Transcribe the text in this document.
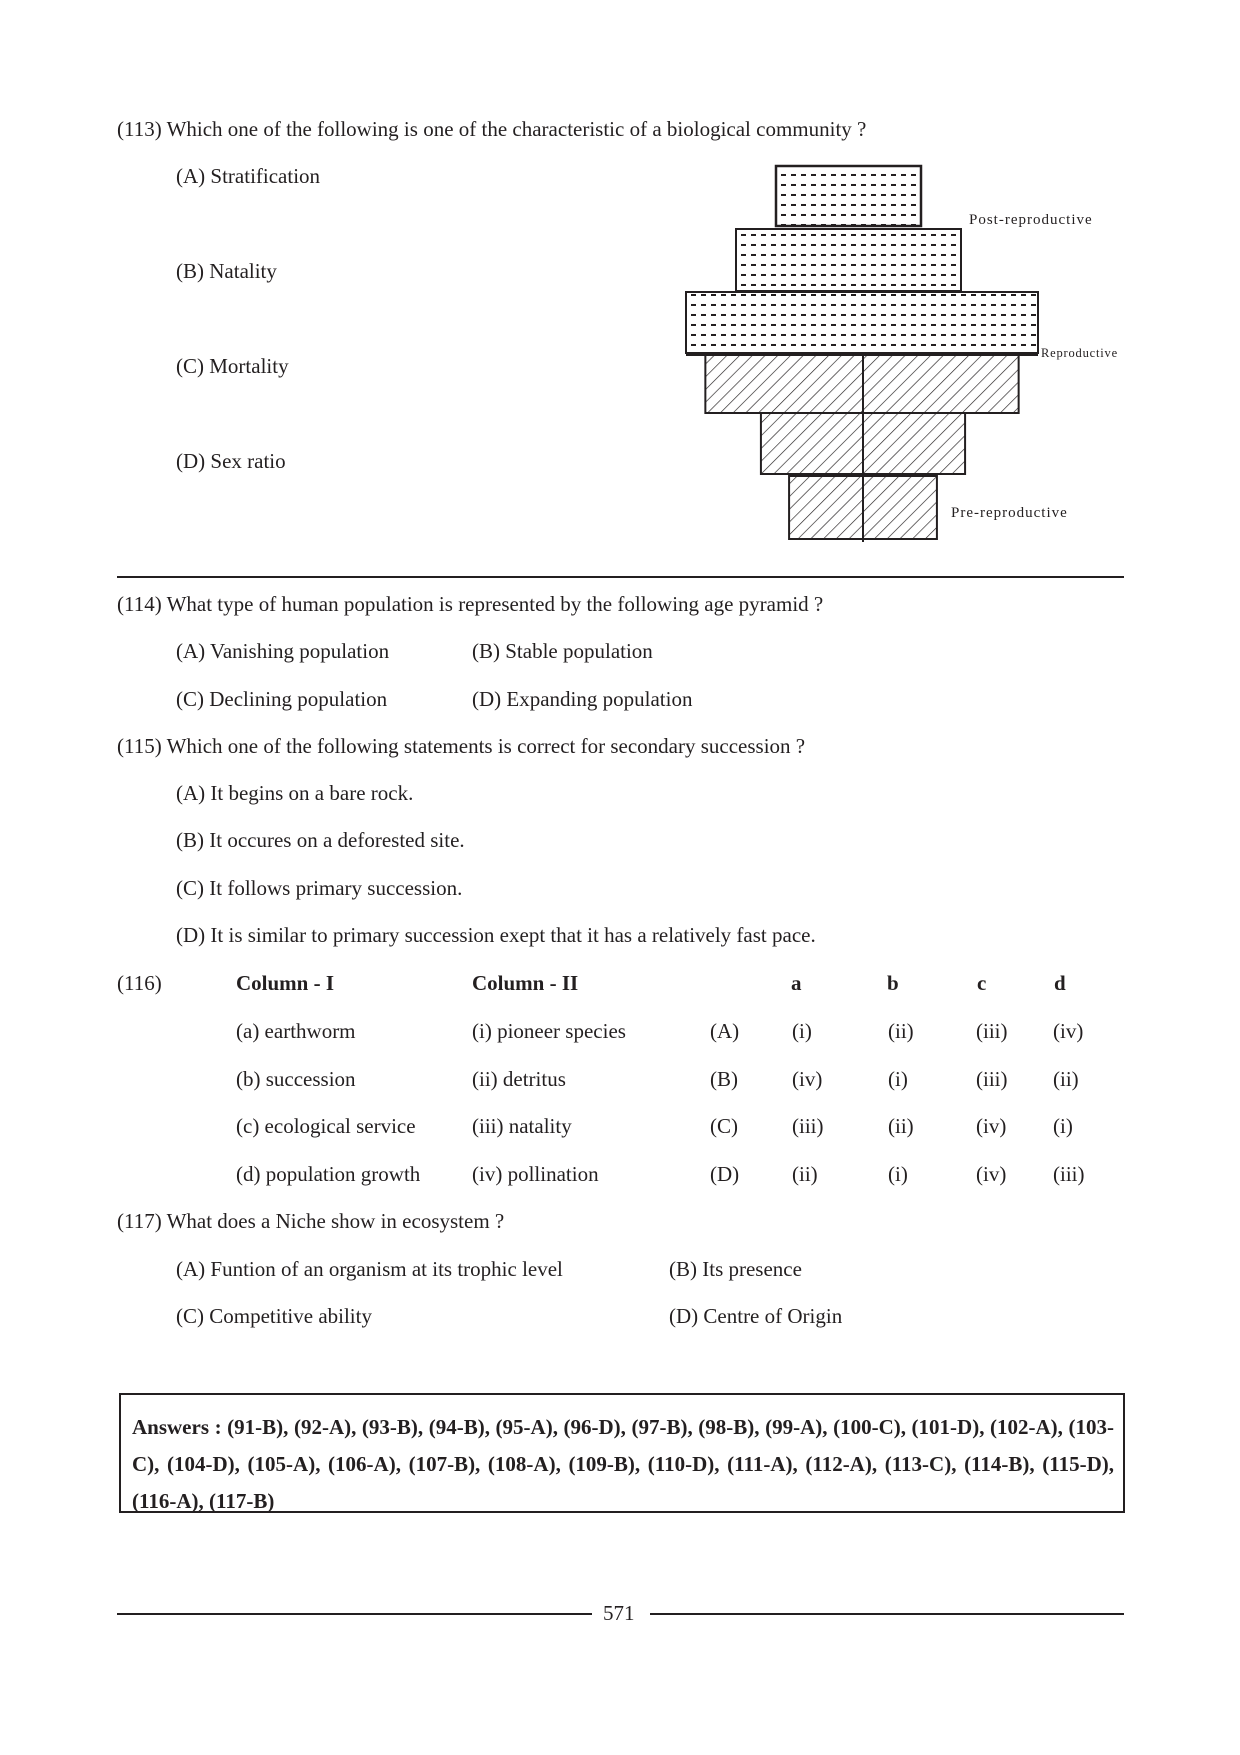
(113) Which one of the following is one of the characteristic of a biological community ?
(A) Stratification
(B) Natality
(C) Mortality
(D) Sex ratio
Post-reproductive
Reproductive
Pre-reproductive
(114) What type of human population is represented by the following age pyramid ?
(A) Vanishing population	(B) Stable population
(C) Declining population	(D) Expanding population
(115) Which one of the following statements is correct for secondary succession ?
(A) It begins on a bare rock.
(B) It occures on a deforested site.
(C) It follows primary succession.
(D) It is similar to primary succession exept that it has a relatively fast pace.
(116)	Column - I	Column - II	a	b	c	d
(a) earthworm	(i) pioneer species	(A)	(i)	(ii)	(iii) (iv)
(b) succession	(ii) detritus	(B)	(iv)	(i)	(iii) (ii)
(c) ecological service	(iii) natality	(C)	(iii)	(ii)	(iv) (i)
(d) population growth (iv) pollination	(D)	(ii)	(i)	(iv) (iii)
(117) What does a Niche show in ecosystem ?
(A) Funtion of an organism at its trophic level	(B) Its presence
(C) Competitive ability	(D) Centre of Origin
Answers : (91-B), (92-A), (93-B), (94-B), (95-A), (96-D), (97-B), (98-B), (99-A), (100-C), (101-D), (102-A), (103-C), (104-D), (105-A), (106-A), (107-B), (108-A), (109-B), (110-D), (111-A), (112-A), (113-C), (114-B), (115-D), (116-A), (117-B)
571
